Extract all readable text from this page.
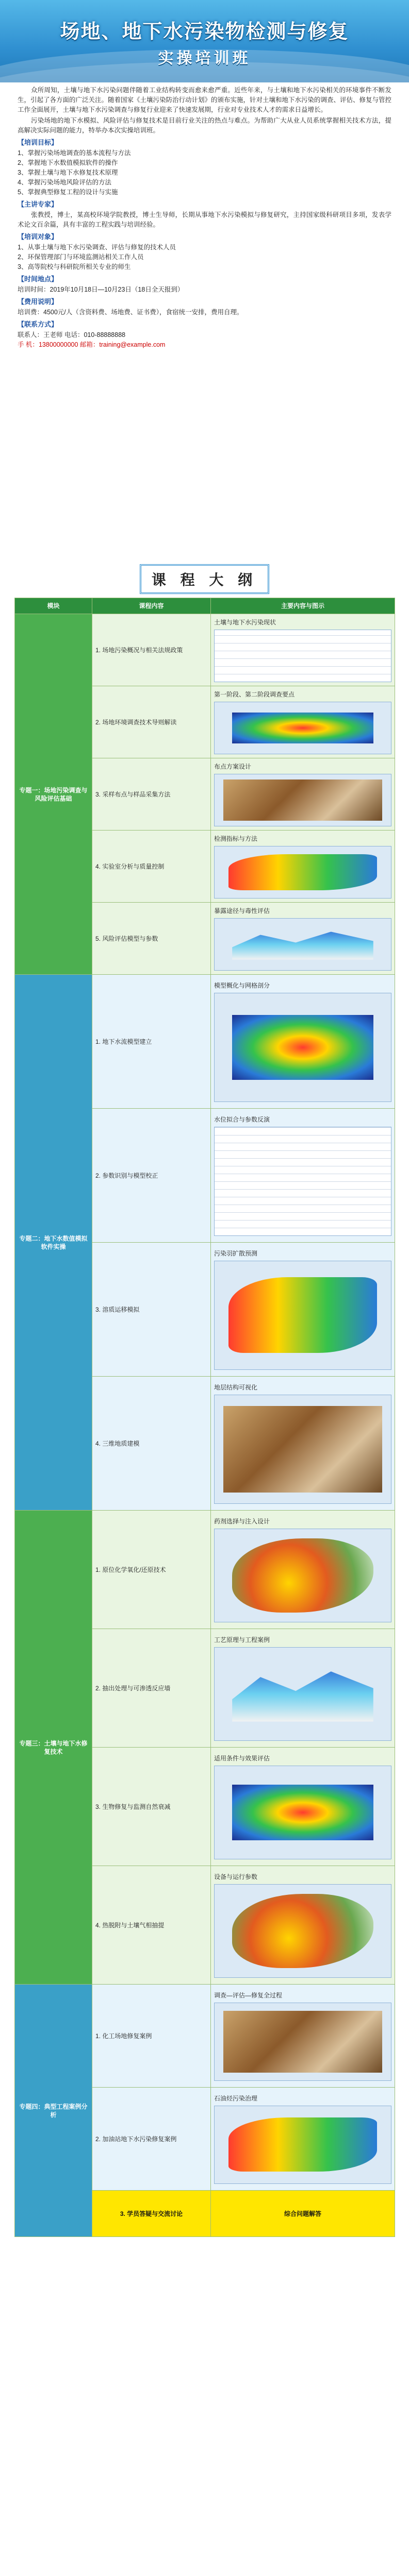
场地、地下水污染物检测与修复
实操培训班

众所周知，土壤与地下水污染问题伴随着工业结构转变而愈来愈严重。近些年来，与土壤和地下水污染相关的环境事件不断发生，引起了各方面的广泛关注。随着国家《土壤污染防治行动计划》的颁布实施，针对土壤和地下水污染的调查、评估、修复与管控工作全面展开，土壤与地下水污染调查与修复行业迎来了快速发展期，行业对专业技术人才的需求日益增长。

污染场地的地下水模拟、风险评估与修复技术是目前行业关注的热点与难点。为帮助广大从业人员系统掌握相关技术方法，提高解决实际问题的能力，特举办本次实操培训班。

【培训目标】
1、掌握污染场地调查的基本流程与方法
2、掌握地下水数值模拟软件的操作
3、掌握土壤与地下水修复技术原理
4、掌握污染场地风险评估的方法
5、掌握典型修复工程的设计与实施
【主讲专家】

张教授，博士，某高校环境学院教授，博士生导师，长期从事地下水污染模拟与修复研究，主持国家级科研项目多项，发表学术论文百余篇，具有丰富的工程实践与培训经验。

【培训对象】
1、从事土壤与地下水污染调查、评估与修复的技术人员
2、环保管理部门与环境监测站相关工作人员
3、高等院校与科研院所相关专业的师生
【时间地点】
培训时间：2019年10月18日—10月23日（18日全天报到）
【费用说明】
培训费：4500元/人（含资料费、场地费、证书费），食宿统一安排，费用自理。
【联系方式】
联系人：王老师 电话：010-88888888
手 机：13800000000 邮箱：training@example.com
课 程 大 纲
模块	课程内容	主要内容与图示
专题一：场地污染调查与风险评估基础	1. 场地污染概况与相关法规政策	土壤与地下水污染现状

	2. 场地环境调查技术导则解读	第一阶段、第二阶段调查要点

	3. 采样布点与样品采集方法	布点方案设计

	4. 实验室分析与质量控制	检测指标与方法

	5. 风险评估模型与参数	暴露途径与毒性评估

专题二：地下水数值模拟软件实操	1. 地下水流模型建立	模型概化与网格剖分

	2. 参数识别与模型校正	水位拟合与参数反演

	3. 溶质运移模拟	污染羽扩散预测

	4. 三维地质建模	地层结构可视化

专题三：土壤与地下水修复技术	1. 原位化学氧化/还原技术	药剂选择与注入设计

	2. 抽出处理与可渗透反应墙	工艺原理与工程案例

	3. 生物修复与监测自然衰减	适用条件与效果评估

	4. 热脱附与土壤气相抽提	设备与运行参数

专题四：典型工程案例分析	1. 化工场地修复案例	调查—评估—修复全过程

	2. 加油站地下水污染修复案例	石油烃污染治理

	3. 学员答疑与交流讨论	综合问题解答
